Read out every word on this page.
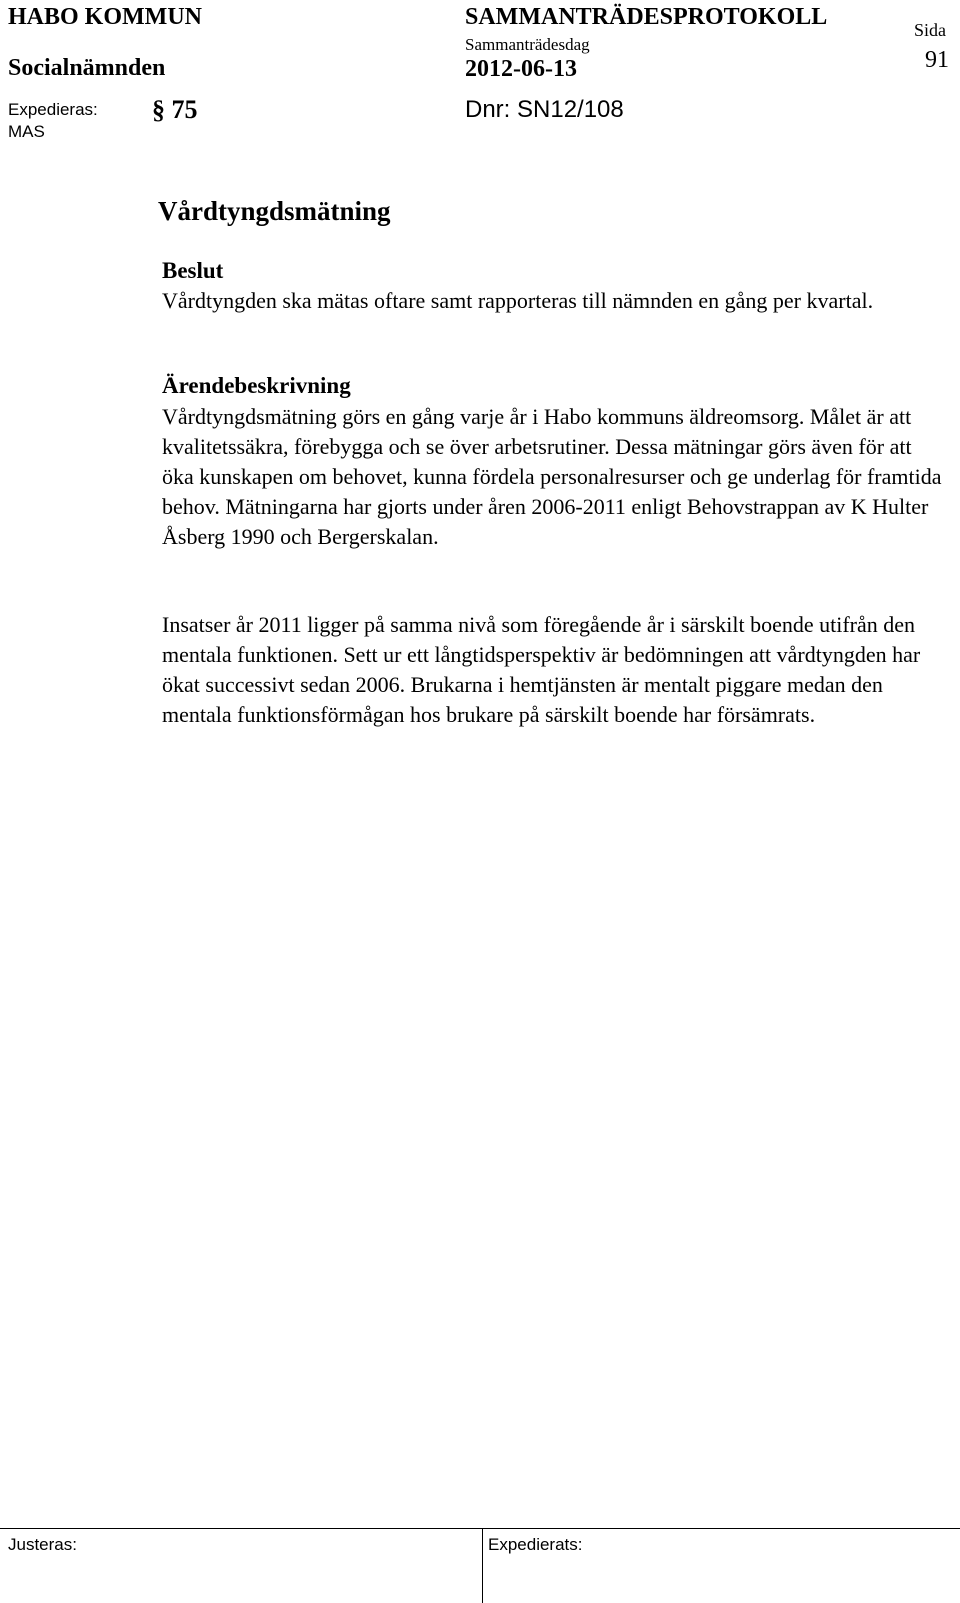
HABO KOMMUN	SAMMANTRÄDESPROTOKOLL	Sida
Socialnämnden
Sammanträdesdag
2012-06-13	91
Expedieras:
MAS
§ 75	Dnr: SN12/108
Vårdtyngdsmätning
Beslut

Vårdtyngden ska mätas oftare samt rapporteras till nämnden en gång per kvartal.

Ärendebeskrivning

Vårdtyngdsmätning görs en gång varje år i Habo kommuns äldreomsorg. Målet är att kvalitetssäkra, förebygga och se över arbetsrutiner. Dessa mätningar görs även för att öka kunskapen om behovet, kunna fördela personalresurser och ge underlag för framtida behov. Mätningarna har gjorts under åren 2006-2011 enligt Behovstrappan av K Hulter Åsberg 1990 och Bergerskalan.

Insatser år 2011 ligger på samma nivå som föregående år i särskilt boende utifrån den mentala funktionen. Sett ur ett långtidsperspektiv är bedömningen att vårdtyngden har ökat successivt sedan 2006. Brukarna i hemtjänsten är mentalt piggare medan den mentala funktionsförmågan hos brukare på särskilt boende har försämrats.

Justeras:	Expedierats:
